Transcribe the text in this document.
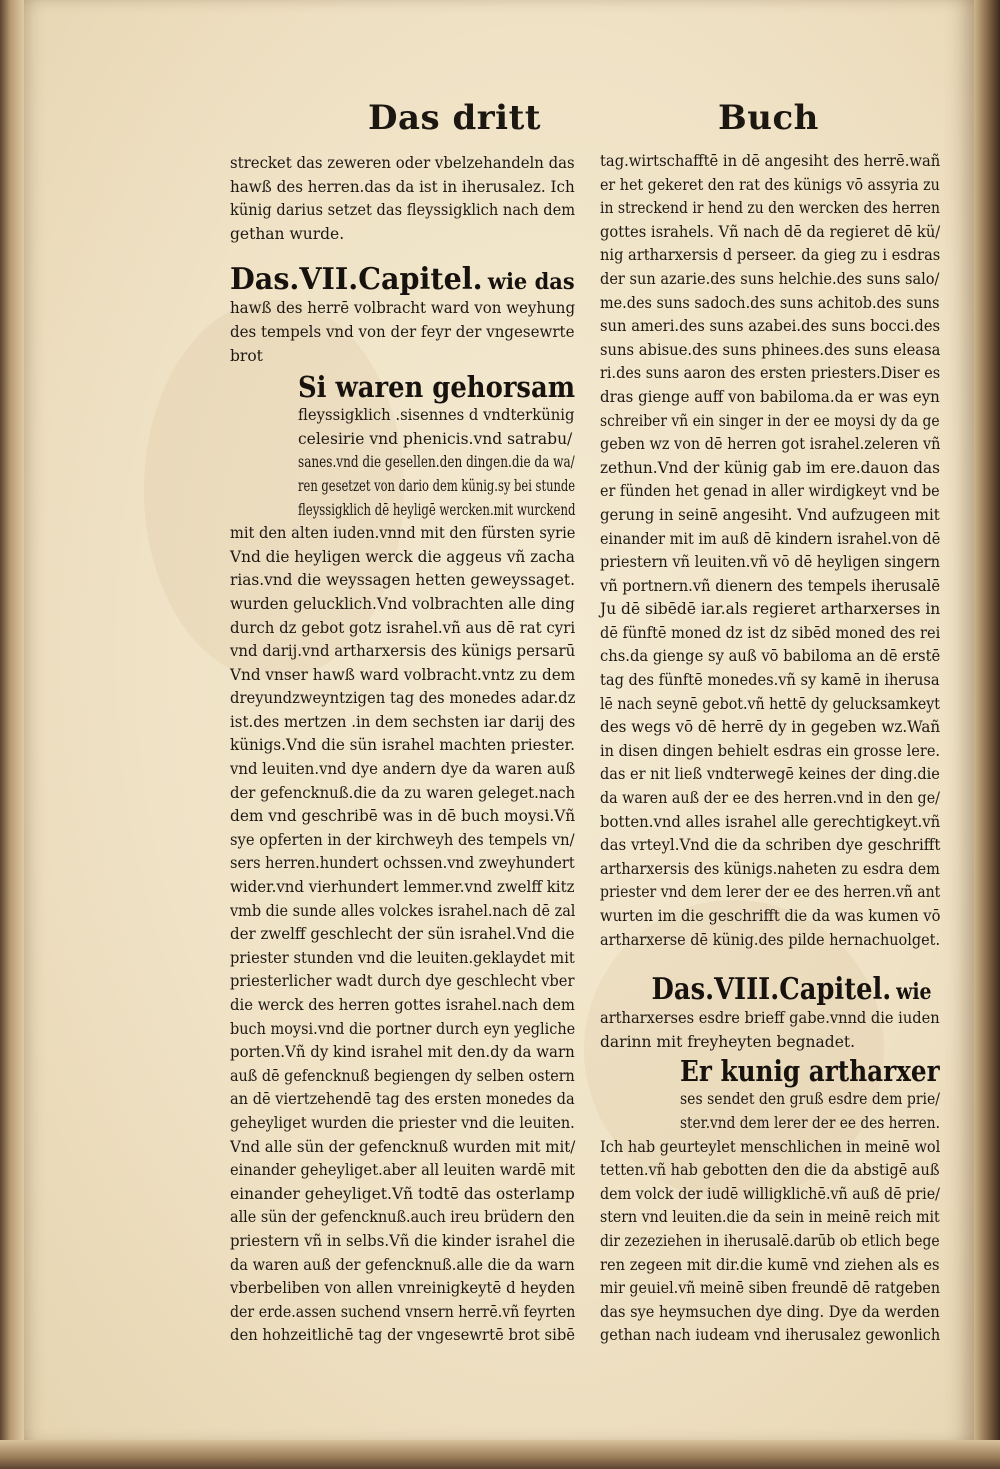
Das dritt	Buch
strecket das zeweren oder vbelzehandeln das
hawß des herren.das da ist in iherusalez. Ich
künig darius setzet das fleyssigklich nach dem
gethan wurde.
Das.VII.Capitel. wie das
hawß des herrē volbracht ward von weyhung
des tempels vnd von der feyr der vngesewrte
brot
Si waren gehorsam
fleyssigklich .sisennes d vndterkünig
celesirie vnd phenicis.vnd satrabu/
sanes.vnd die gesellen.den dingen.die da wa/
ren gesetzet von dario dem künig.sy bei stunde
fleyssigklich dē heyligē wercken.mit wurckend
mit den alten iuden.vnnd mit den fürsten syrie
Vnd die heyligen werck die aggeus vñ zacha
rias.vnd die weyssagen hetten geweyssaget.
wurden gelucklich.Vnd volbrachten alle ding
durch dz gebot gotz israhel.vñ aus dē rat cyri
vnd darij.vnd artharxersis des künigs persarū
Vnd vnser hawß ward volbracht.vntz zu dem
dreyundzweyntzigen tag des monedes adar.dz
ist.des mertzen .in dem sechsten iar darij des
künigs.Vnd die sün israhel machten priester.
vnd leuiten.vnd dye andern dye da waren auß
der gefencknuß.die da zu waren geleget.nach
dem vnd geschribē was in dē buch moysi.Vñ
sye opferten in der kirchweyh des tempels vn/
sers herren.hundert ochssen.vnd zweyhundert
wider.vnd vierhundert lemmer.vnd zwelff kitz
vmb die sunde alles volckes israhel.nach dē zal
der zwelff geschlecht der sün israhel.Vnd die
priester stunden vnd die leuiten.geklaydet mit
priesterlicher wadt durch dye geschlecht vber
die werck des herren gottes israhel.nach dem
buch moysi.vnd die portner durch eyn yegliche
porten.Vñ dy kind israhel mit den.dy da warn
auß dē gefencknuß begiengen dy selben ostern
an dē viertzehendē tag des ersten monedes da
geheyliget wurden die priester vnd die leuiten.
Vnd alle sün der gefencknuß wurden mit mit/
einander geheyliget.aber all leuiten wardē mit
einander geheyliget.Vñ todtē das osterlamp
alle sün der gefencknuß.auch ireu brüdern den
priestern vñ in selbs.Vñ die kinder israhel die
da waren auß der gefencknuß.alle die da warn
vberbeliben von allen vnreinigkeytē d heyden
der erde.assen suchend vnsern herrē.vñ feyrten
den hohzeitlichē tag der vngesewrtē brot sibē
tag.wirtschafftē in dē angesiht des herrē.wañ
er het gekeret den rat des künigs vō assyria zu
in streckend ir hend zu den wercken des herren
gottes israhels. Vñ nach dē da regieret dē kü/
nig artharxersis d perseer. da gieg zu i esdras
der sun azarie.des suns helchie.des suns salo/
me.des suns sadoch.des suns achitob.des suns
sun ameri.des suns azabei.des suns bocci.des
suns abisue.des suns phinees.des suns eleasa
ri.des suns aaron des ersten priesters.Diser es
dras gienge auff von babiloma.da er was eyn
schreiber vñ ein singer in der ee moysi dy da ge
geben wz von dē herren got israhel.zeleren vñ
zethun.Vnd der künig gab im ere.dauon das
er fünden het genad in aller wirdigkeyt vnd be
gerung in seinē angesiht. Vnd aufzugeen mit
einander mit im auß dē kindern israhel.von dē
priestern vñ leuiten.vñ vō dē heyligen singern
vñ portnern.vñ dienern des tempels iherusalē
Ju dē sibēdē iar.als regieret artharxerses in
dē fünftē moned dz ist dz sibēd moned des rei
chs.da gienge sy auß vō babiloma an dē erstē
tag des fünftē monedes.vñ sy kamē in iherusa
lē nach seynē gebot.vñ hettē dy gelucksamkeyt
des wegs vō dē herrē dy in gegeben wz.Wañ
in disen dingen behielt esdras ein grosse lere.
das er nit ließ vndterwegē keines der ding.die
da waren auß der ee des herren.vnd in den ge/
botten.vnd alles israhel alle gerechtigkeyt.vñ
das vrteyl.Vnd die da schriben dye geschrifft
artharxersis des künigs.naheten zu esdra dem
priester vnd dem lerer der ee des herren.vñ ant
wurten im die geschrifft die da was kumen vō
artharxerse dē künig.des pilde hernachuolget.
Das.VIII.Capitel. wie
artharxerses esdre brieff gabe.vnnd die iuden
darinn mit freyheyten begnadet.
Er kunig artharxer
ses sendet den gruß esdre dem prie/
ster.vnd dem lerer der ee des herren.
Ich hab geurteylet menschlichen in meinē wol
tetten.vñ hab gebotten den die da abstigē auß
dem volck der iudē willigklichē.vñ auß dē prie/
stern vnd leuiten.die da sein in meinē reich mit
dir zezeziehen in iherusalē.darūb ob etlich bege
ren zegeen mit dir.die kumē vnd ziehen als es
mir geuiel.vñ meinē siben freundē dē ratgeben
das sye heymsuchen dye ding. Dye da werden
gethan nach iudeam vnd iherusalez gewonlich
